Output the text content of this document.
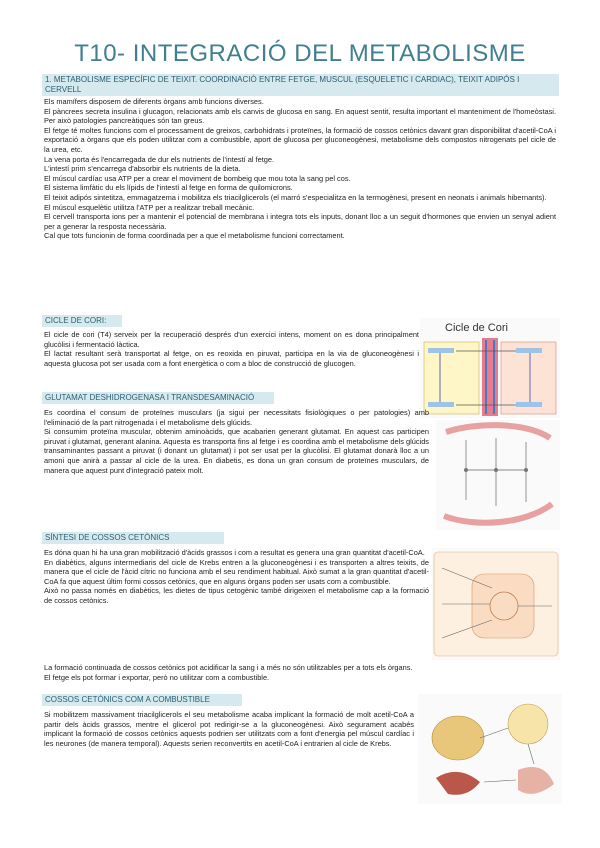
T10- INTEGRACIÓ DEL METABOLISME
1. METABOLISME ESPECÍFIC DE TEIXIT. COORDINACIÓ ENTRE FETGE, MUSCUL (ESQUELETIC I CARDIAC), TEIXIT ADIPÓS I CERVELL

Els mamífers disposem de diferents òrgans amb funcions diverses.

El pàncrees secreta insulina i glucagon, relacionats amb els canvis de glucosa en sang. En aquest sentit, resulta important el manteniment de l'homeòstasi. Per això patologies pancreàtiques són tan greus.

El fetge té moltes funcions com el processament de greixos, carbohidrats i proteïnes, la formació de cossos cetònics davant gran disponibilitat d'acetil-CoA i exportació a òrgans que els poden utilitzar com a combustible, aport de glucosa per gluconeogènesi, metabolisme dels compostos nitrogenats pel cicle de la urea, etc.

La vena porta és l'encarregada de dur els nutrients de l'intestí al fetge.

L'intestí prim s'encarrega d'absorbir els nutrients de la dieta.

El múscul cardíac usa ATP per a crear el moviment de bombeig que mou tota la sang pel cos.

El sistema limfàtic du els lípids de l'intestí al fetge en forma de quilomicrons.

El teixit adipós sintetitza, emmagatzema i mobilitza els triacilglicerols (el marró s'especialitza en la termogènesi, present en neonats i animals hibernants).

El múscul esquelètic utilitza l'ATP per a realitzar treball mecànic.

El cervell transporta ions per a mantenir el potencial de membrana i integra tots els inputs, donant lloc a un seguit d'hormones que envien un senyal adient per a generar la resposta necessària.

Cal que tots funcionin de forma coordinada per a que el metabolisme funcioni correctament.

CICLE DE CORI:

El cicle de cori (T4) serveix per la recuperació després d'un exercici intens, moment on es dona principalment glucòlisi i fermentació làctica.

El lactat resultant serà transportat al fetge, on es reoxida en piruvat, participa en la via de gluconeogènesi i aquesta glucosa pot ser usada com a font energètica o com a bloc de construcció de glucogen.

Cicle de Cori
GLUTAMAT DESHIDROGENASA I TRANSDESAMINACIÓ

Es coordina el consum de proteïnes musculars (ja sigui per necessitats fisiològiques o per patologies) amb l'eliminació de la part nitrogenada i el metabolisme dels glúcids.

Si consumim proteïna muscular, obtenim aminoàcids, que acabarien generant glutamat. En aquest cas participen piruvat i glutamat, generant alanina. Aquesta es transporta fins al fetge i es coordina amb el metabolisme dels glúcids transaminantes passant a piruvat (i donant un glutamat) i pot ser usat per la glucòlisi. El glutamat donarà lloc a un amoni que anirà a passar al cicle de la urea. En diabetis, es dona un gran consum de proteïnes musculars, de manera que aquest punt d'integració pateix molt.

SÍNTESI DE COSSOS CETÒNICS

Es dóna quan hi ha una gran mobilització d'àcids grassos i com a resultat es genera una gran quantitat d'acetil-CoA.

En diabètics, alguns intermediaris del cicle de Krebs entren a la gluconeogènesi i es transporten a altres teixits, de manera que el cicle de l'àcid cítric no funciona amb el seu rendiment habitual. Això sumat a la gran quantitat d'acetil-CoA fa que aquest últim formi cossos cetònics, que en alguns òrgans poden ser usats com a combustible.

Això no passa només en diabètics, les dietes de tipus cetogènic també dirigeixen el metabolisme cap a la formació de cossos cetònics.

La formació continuada de cossos cetònics pot acidificar la sang i a més no són utilitzables per a tots els òrgans.

El fetge els pot formar i exportar, però no utilitzar com a combustible.

COSSOS CETÒNICS COM A COMBUSTIBLE

Si mobilitzem massivament triacilglicerols el seu metabolisme acaba implicant la formació de molt acetil-CoA a partir dels àcids grassos, mentre el glicerol pot redirigir-se a la gluconeogènesi. Això segurament acabés implicant la formació de cossos cetònics aquests podrien ser utilitzats com a font d'energia pel múscul cardíac i les neurones (de manera temporal). Aquests serien reconvertits en acetil-CoA i entrarien al cicle de Krebs.
